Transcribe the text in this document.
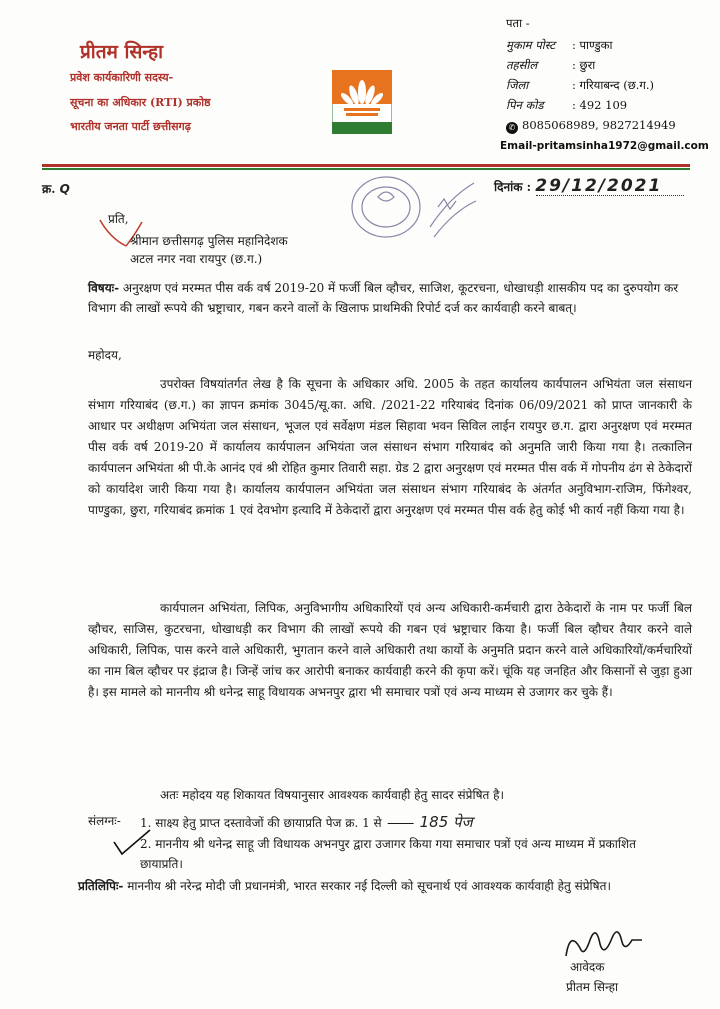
प्रीतम सिन्हा
प्रवेश कार्यकारिणी सदस्य-
सूचना का अधिकार (RTI) प्रकोष्ठ
भारतीय जनता पार्टी छत्तीसगढ़
पता -
मुकाम पोस्ट : पाण्डुका
तहसील	: छुरा
जिला	: गरियाबन्द (छ.ग.)
पिन कोड : 492 109
✆ 8085068989, 9827214949
Email-pritamsinha1972@gmail.com
क्र. Q	दिनांक : 29/12/2021
प्रति,
श्रीमान छत्तीसगढ़ पुलिस महानिदेशक
अटल नगर नवा रायपुर (छ.ग.)
विषयः- अनुरक्षण एवं मरम्मत पीस वर्क वर्ष 2019-20 में फर्जी बिल व्हौचर, साजिश, कूटरचना, धोखाधड़ी शासकीय पद का दुरुपयोग कर विभाग की लाखों रूपये की भ्रष्ट्राचार, गबन करने वालों के खिलाफ प्राथमिकी रिपोर्ट दर्ज कर कार्यवाही करने बाबत्।
महोदय,
उपरोक्त विषयांतर्गत लेख है कि सूचना के अधिकार अधि. 2005 के तहत कार्यालय कार्यपालन अभियंता जल संसाधन संभाग गरियाबंद (छ.ग.) का ज्ञापन क्रमांक 3045/सू.का. अधि. /2021-22 गरियाबंद दिनांक 06/09/2021 को प्राप्त जानकारी के आधार पर अधीक्षण अभियंता जल संसाधन, भूजल एवं सर्वेक्षण मंडल सिहावा भवन सिविल लाईन रायपुर छ.ग. द्वारा अनुरक्षण एवं मरम्मत पीस वर्क वर्ष 2019-20 में कार्यालय कार्यपालन अभियंता जल संसाधन संभाग गरियाबंद को अनुमति जारी किया गया है। तत्कालिन कार्यपालन अभियंता श्री पी.के आनंद एवं श्री रोहित कुमार तिवारी सहा. ग्रेड 2 द्वारा अनुरक्षण एवं मरम्मत पीस वर्क में गोपनीय ढंग से ठेकेदारों को कार्यादेश जारी किया गया है। कार्यालय कार्यपालन अभियंता जल संसाधन संभाग गरियाबंद के अंतर्गत अनुविभाग-राजिम, फिंगेश्वर, पाण्डुका, छुरा, गरियाबंद क्रमांक 1 एवं देवभोग इत्यादि में ठेकेदारों द्वारा अनुरक्षण एवं मरम्मत पीस वर्क हेतु कोई भी कार्य नहीं किया गया है।
कार्यपालन अभियंता, लिपिक, अनुविभागीय अधिकारियों एवं अन्य अधिकारी-कर्मचारी द्वारा ठेकेदारों के नाम पर फर्जी बिल व्हौचर, साजिस, कुटरचना, धोखाधड़ी कर विभाग की लाखों रूपये की गबन एवं भ्रष्ट्राचार किया है। फर्जी बिल व्हौचर तैयार करने वाले अधिकारी, लिपिक, पास करने वाले अधिकारी, भुगतान करने वाले अधिकारी तथा कार्यो के अनुमति प्रदान करने वाले अधिकारियों/कर्मचारियों का नाम बिल व्हौचर पर इंद्राज है। जिन्हें जांच कर आरोपी बनाकर कार्यवाही करने की कृपा करें। चूंकि यह जनहित और किसानों से जुड़ा हुआ है। इस मामले को माननीय श्री धनेन्द्र साहू विधायक अभनपुर द्वारा भी समाचार पत्रों एवं अन्य माध्यम से उजागर कर चुके हैं।
अतः महोदय यह शिकायत विषयानुसार आवश्यक कार्यवाही हेतु सादर संप्रेषित है।
संलग्नः- 1. साक्ष्य हेतु प्राप्त दस्तावेजों की छायाप्रति पेज क्र. 1 से ------ 185 पेज
2. माननीय श्री धनेन्द्र साहू जी विधायक अभनपुर द्वारा उजागर किया गया समाचार पत्रों एवं अन्य माध्यम में प्रकाशित छायाप्रति।
प्रतिलिपिः- माननीय श्री नरेन्द्र मोदी जी प्रधानमंत्री, भारत सरकार नई दिल्ली को सूचनार्थ एवं आवश्यक कार्यवाही हेतु संप्रेषित।
आवेदक
प्रीतम सिन्हा
